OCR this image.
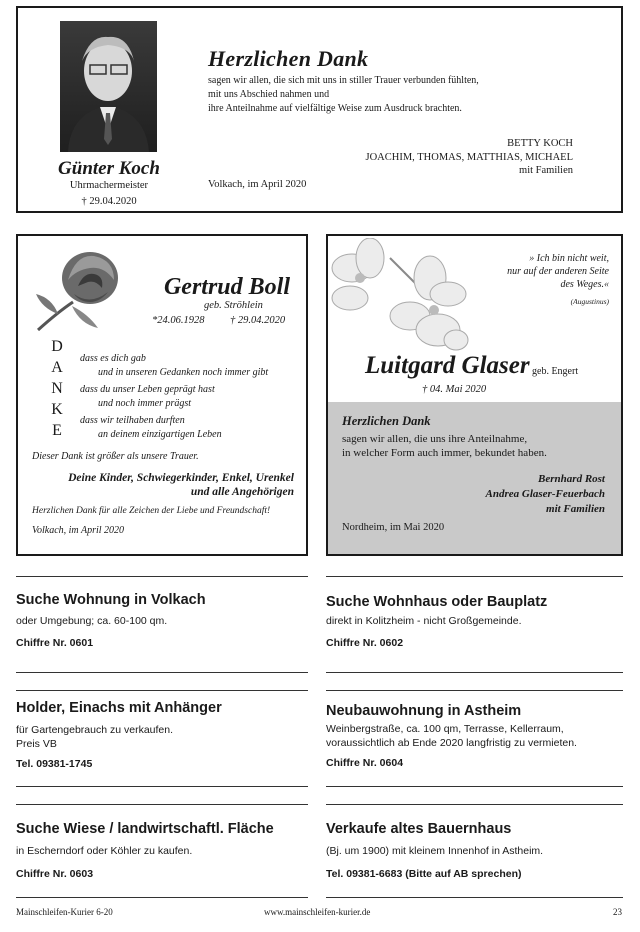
Günter Koch
Uhrmachermeister
† 29.04.2020
Herzlichen Dank
sagen wir allen, die sich mit uns in stiller Trauer verbunden fühlten,
mit uns Abschied nahmen und
ihre Anteilnahme auf vielfältige Weise zum Ausdruck brachten.
BETTY KOCH
JOACHIM, THOMAS, MATTHIAS, MICHAEL
mit Familien
Volkach, im April 2020
Gertrud Boll
geb. Ströhlein
*24.06.1928 † 29.04.2020
D
A
N
K
E
dass es dich gab
und in unseren Gedanken noch immer gibt
dass du unser Leben geprägt hast
und noch immer prägst
dass wir teilhaben durften
an deinem einzigartigen Leben
Dieser Dank ist größer als unsere Trauer.
Deine Kinder, Schwiegerkinder, Enkel, Urenkel
und alle Angehörigen
Herzlichen Dank für alle Zeichen der Liebe und Freundschaft!
Volkach, im April 2020
» Ich bin nicht weit,
nur auf der anderen Seite
des Weges.«
(Augustinus)
Luitgard Glaser geb. Engert
† 04. Mai 2020
Herzlichen Dank
sagen wir allen, die uns ihre Anteilnahme,
in welcher Form auch immer, bekundet haben.
Bernhard Rost
Andrea Glaser-Feuerbach
mit Familien
Nordheim, im Mai 2020
Suche Wohnung in Volkach
oder Umgebung; ca. 60-100 qm.
Chiffre Nr. 0601
Suche Wohnhaus oder Bauplatz
direkt in Kolitzheim - nicht Großgemeinde.
Chiffre Nr. 0602
Holder, Einachs mit Anhänger
für Gartengebrauch zu verkaufen.
Preis VB
Tel. 09381-1745
Neubauwohnung in Astheim
Weinbergstraße, ca. 100 qm, Terrasse, Kellerraum,
voraussichtlich ab Ende 2020 langfristig zu vermieten.
Chiffre Nr. 0604
Suche Wiese / landwirtschaftl. Fläche
in Escherndorf oder Köhler zu kaufen.
Chiffre Nr. 0603
Verkaufe altes Bauernhaus
(Bj. um 1900) mit kleinem Innenhof in Astheim.
Tel. 09381-6683 (Bitte auf AB sprechen)
Mainschleifen-Kurier 6-20	www.mainschleifen-kurier.de	23
